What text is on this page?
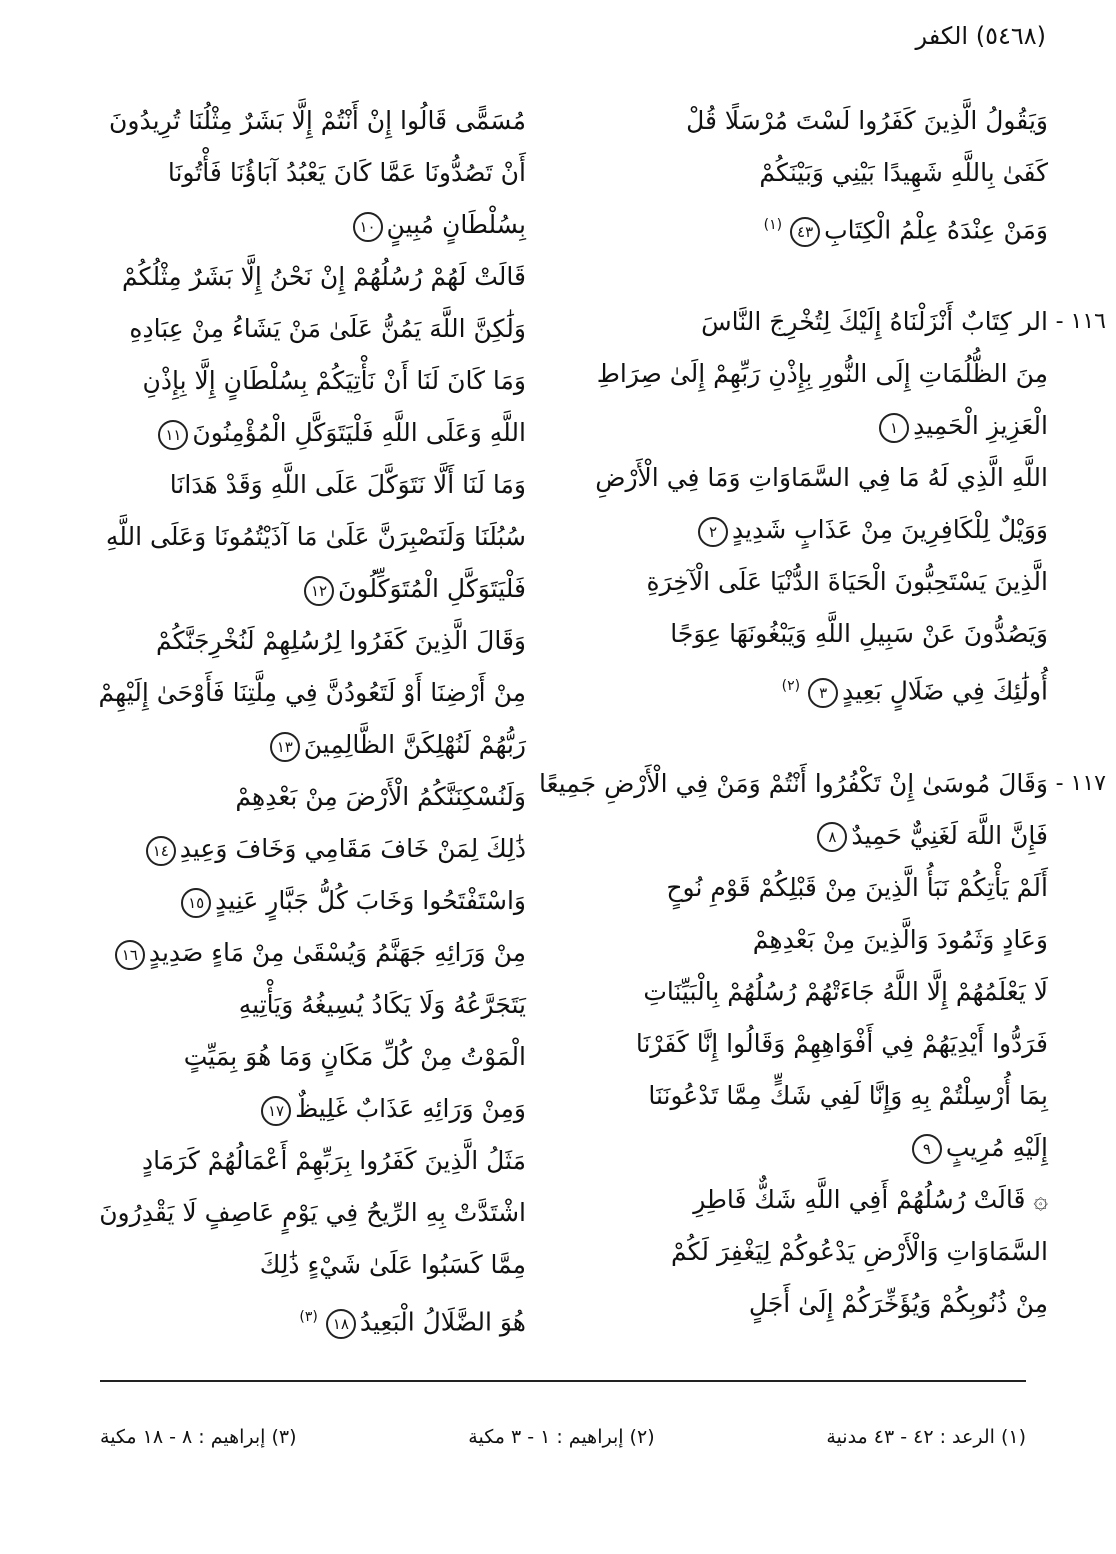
(٥٤٦٨) الكفر
وَيَقُولُ الَّذِينَ كَفَرُوا لَسْتَ مُرْسَلًا قُلْ
كَفَىٰ بِاللَّهِ شَهِيدًا بَيْنِي وَبَيْنَكُمْ
وَمَنْ عِنْدَهُ عِلْمُ الْكِتَابِ٤٣$^{(١)}$
١١٦ -
الر كِتَابٌ أَنْزَلْنَاهُ إِلَيْكَ لِتُخْرِجَ النَّاسَ
مِنَ الظُّلُمَاتِ إِلَى النُّورِ بِإِذْنِ رَبِّهِمْ إِلَىٰ صِرَاطِ
الْعَزِيزِ الْحَمِيدِ١
اللَّهِ الَّذِي لَهُ مَا فِي السَّمَاوَاتِ وَمَا فِي الْأَرْضِ
وَوَيْلٌ لِلْكَافِرِينَ مِنْ عَذَابٍ شَدِيدٍ٢
الَّذِينَ يَسْتَحِبُّونَ الْحَيَاةَ الدُّنْيَا عَلَى الْآخِرَةِ
وَيَصُدُّونَ عَنْ سَبِيلِ اللَّهِ وَيَبْغُونَهَا عِوَجًا
أُولَٰئِكَ فِي ضَلَالٍ بَعِيدٍ٣$^{(٢)}$
١١٧ -
وَقَالَ مُوسَىٰ إِنْ تَكْفُرُوا أَنْتُمْ وَمَنْ فِي الْأَرْضِ جَمِيعًا
فَإِنَّ اللَّهَ لَغَنِيٌّ حَمِيدٌ٨
أَلَمْ يَأْتِكُمْ نَبَأُ الَّذِينَ مِنْ قَبْلِكُمْ قَوْمِ نُوحٍ
وَعَادٍ وَثَمُودَ وَالَّذِينَ مِنْ بَعْدِهِمْ
لَا يَعْلَمُهُمْ إِلَّا اللَّهُ جَاءَتْهُمْ رُسُلُهُمْ بِالْبَيِّنَاتِ
فَرَدُّوا أَيْدِيَهُمْ فِي أَفْوَاهِهِمْ وَقَالُوا إِنَّا كَفَرْنَا
بِمَا أُرْسِلْتُمْ بِهِ وَإِنَّا لَفِي شَكٍّ مِمَّا تَدْعُونَنَا
إِلَيْهِ مُرِيبٍ٩
۞ قَالَتْ رُسُلُهُمْ أَفِي اللَّهِ شَكٌّ فَاطِرِ
السَّمَاوَاتِ وَالْأَرْضِ يَدْعُوكُمْ لِيَغْفِرَ لَكُمْ
مِنْ ذُنُوبِكُمْ وَيُؤَخِّرَكُمْ إِلَىٰ أَجَلٍ
مُسَمًّى قَالُوا إِنْ أَنْتُمْ إِلَّا بَشَرٌ مِثْلُنَا تُرِيدُونَ
أَنْ تَصُدُّونَا عَمَّا كَانَ يَعْبُدُ آبَاؤُنَا فَأْتُونَا
بِسُلْطَانٍ مُبِينٍ١٠
قَالَتْ لَهُمْ رُسُلُهُمْ إِنْ نَحْنُ إِلَّا بَشَرٌ مِثْلُكُمْ
وَلَٰكِنَّ اللَّهَ يَمُنُّ عَلَىٰ مَنْ يَشَاءُ مِنْ عِبَادِهِ
وَمَا كَانَ لَنَا أَنْ نَأْتِيَكُمْ بِسُلْطَانٍ إِلَّا بِإِذْنِ
اللَّهِ وَعَلَى اللَّهِ فَلْيَتَوَكَّلِ الْمُؤْمِنُونَ١١
وَمَا لَنَا أَلَّا نَتَوَكَّلَ عَلَى اللَّهِ وَقَدْ هَدَانَا
سُبُلَنَا وَلَنَصْبِرَنَّ عَلَىٰ مَا آذَيْتُمُونَا وَعَلَى اللَّهِ
فَلْيَتَوَكَّلِ الْمُتَوَكِّلُونَ١٢
وَقَالَ الَّذِينَ كَفَرُوا لِرُسُلِهِمْ لَنُخْرِجَنَّكُمْ
مِنْ أَرْضِنَا أَوْ لَتَعُودُنَّ فِي مِلَّتِنَا فَأَوْحَىٰ إِلَيْهِمْ
رَبُّهُمْ لَنُهْلِكَنَّ الظَّالِمِينَ١٣
وَلَنُسْكِنَنَّكُمُ الْأَرْضَ مِنْ بَعْدِهِمْ
ذَٰلِكَ لِمَنْ خَافَ مَقَامِي وَخَافَ وَعِيدِ١٤
وَاسْتَفْتَحُوا وَخَابَ كُلُّ جَبَّارٍ عَنِيدٍ١٥
مِنْ وَرَائِهِ جَهَنَّمُ وَيُسْقَىٰ مِنْ مَاءٍ صَدِيدٍ١٦
يَتَجَرَّعُهُ وَلَا يَكَادُ يُسِيغُهُ وَيَأْتِيهِ
الْمَوْتُ مِنْ كُلِّ مَكَانٍ وَمَا هُوَ بِمَيِّتٍ
وَمِنْ وَرَائِهِ عَذَابٌ غَلِيظٌ١٧
مَثَلُ الَّذِينَ كَفَرُوا بِرَبِّهِمْ أَعْمَالُهُمْ كَرَمَادٍ
اشْتَدَّتْ بِهِ الرِّيحُ فِي يَوْمٍ عَاصِفٍ لَا يَقْدِرُونَ
مِمَّا كَسَبُوا عَلَىٰ شَيْءٍ ذَٰلِكَ
هُوَ الضَّلَالُ الْبَعِيدُ١٨$^{(٣)}$
(١) الرعد : ٤٢ - ٤٣ مدنية
(٢) إبراهيم : ١ - ٣ مكية
(٣) إبراهيم : ٨ - ١٨ مكية
